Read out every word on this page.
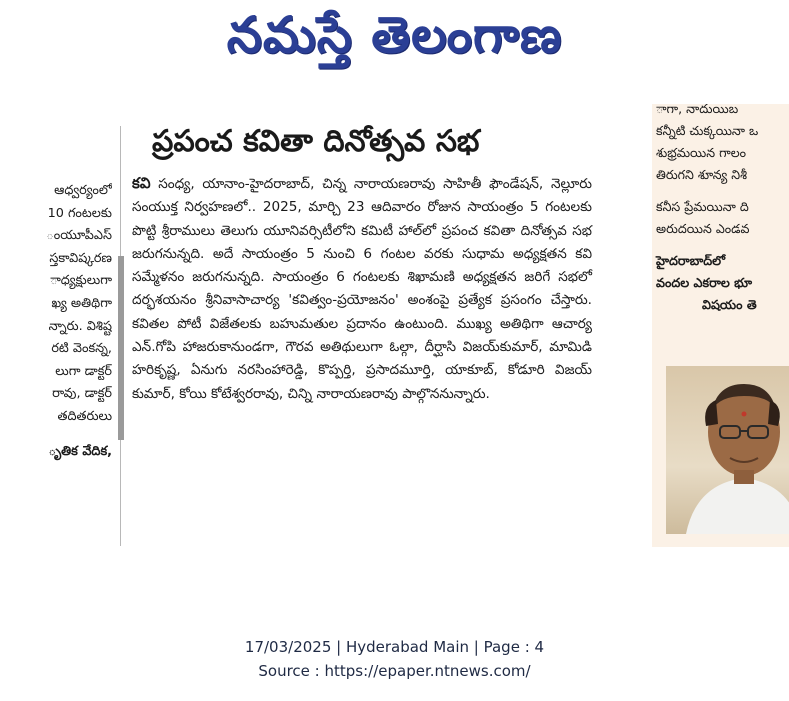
నమస్తే తెలంగాణ
ఆధ్వర్యంలో
10 గంటలకు
ంయూపీఎస్
స్తకావిష్కరణ
ాధ్యక్షులుగా
ఖ్య అతిథిగా
న్నారు. విశిష్ట
రటి వెంకన్న,
లుగా డాక్టర్
రావు, డాక్టర్
తదితరులు
ృతిక వేదిక,
ప్రపంచ కవితా దినోత్సవ సభ
కవి సంధ్య, యానాం-హైదరాబాద్, చిన్న నారాయణరావు సాహితీ ఫౌండేషన్, నెల్లూరు సంయుక్త నిర్వహణలో.. 2025, మార్చి 23 ఆదివారం రోజున సాయంత్రం 5 గంటలకు పొట్టి శ్రీరాములు తెలుగు యూనివర్సిటీలోని కమిటీ హాల్‌లో ప్రపంచ కవితా దినోత్సవ సభ జరుగనున్నది. అదే సాయంత్రం 5 నుంచి 6 గంటల వరకు సుధామ అధ్యక్షతన కవి సమ్మేళనం జరుగనున్నది. సాయంత్రం 6 గంటలకు శిఖామణి అధ్యక్షతన జరిగే సభలో దర్భశయనం శ్రీనివాసాచార్య 'కవిత్వం-ప్రయోజనం' అంశంపై ప్రత్యేక ప్రసంగం చేస్తారు. కవితల పోటీ విజేతలకు బహుమతుల ప్రదానం ఉంటుంది. ముఖ్య అతిథిగా ఆచార్య ఎన్.గోపి హాజరుకానుండగా, గౌరవ అతిథులుగా ఓల్గా, దీర్ఘాసి విజయ్‌కుమార్, మామిడి హరికృష్ణ, ఏనుగు నరసింహారెడ్డి, కొప్పర్తి, ప్రసాదమూర్తి, యాకూబ్, కోడూరి విజయ్ కుమార్, కోయి కోటేశ్వరరావు, చిన్ని నారాయణరావు పాల్గొననున్నారు.

ాగా, నాదుయిబ

కన్నీటి చుక్కయినా ఒ

శుభ్రమయిన గాలం

తిరుగని శూన్య నిశీ

కనీస ప్రేమయినా ది

అరుదయిన ఎండవ

హైదరాబాద్‌లో

వందల ఎకరాల భూ

విషయం తె

17/03/2025 | Hyderabad Main | Page : 4
Source : https://epaper.ntnews.com/
